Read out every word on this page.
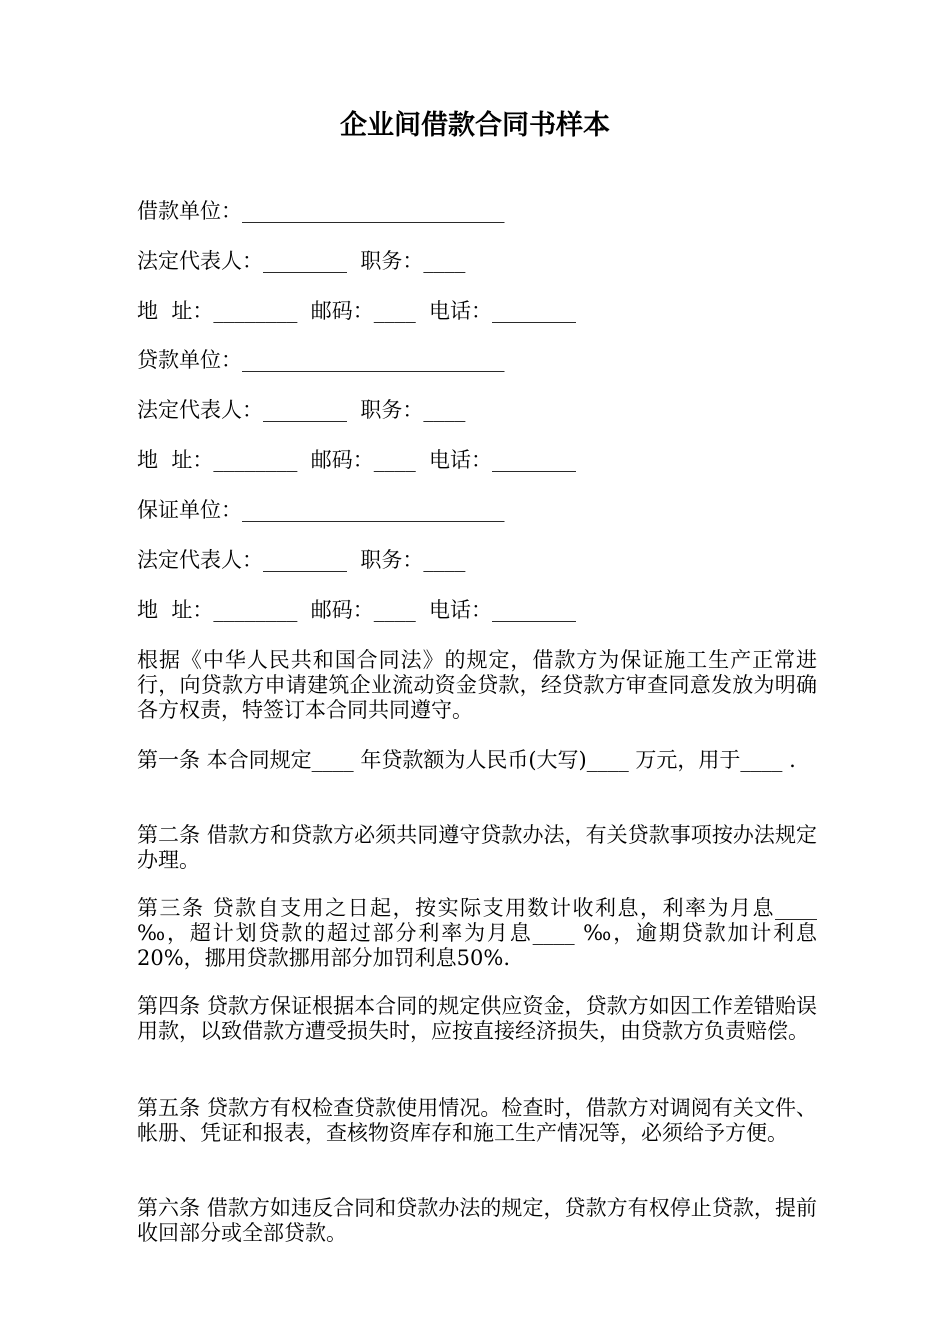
企业间借款合同书样本
借款单位：_________________________
法定代表人：________  职务：____
地  址：________  邮码：____  电话：________
贷款单位：_________________________
法定代表人：________  职务：____
地  址：________  邮码：____  电话：________
保证单位：_________________________
法定代表人：________  职务：____
地  址：________  邮码：____  电话：________

根据《中华人民共和国合同法》的规定，借款方为保证施工生产正常进行，向贷款方申请建筑企业流动资金贷款，经贷款方审查同意发放为明确各方权责，特签订本合同共同遵守。

第一条 本合同规定____ 年贷款额为人民币(大写)____ 万元，用于____ .

第二条 借款方和贷款方必须共同遵守贷款办法，有关贷款事项按办法规定办理。

第三条 贷款自支用之日起，按实际支用数计收利息，利率为月息____ ‰，超计划贷款的超过部分利率为月息____ ‰，逾期贷款加计利息20%，挪用贷款挪用部分加罚利息50%.

第四条 贷款方保证根据本合同的规定供应资金，贷款方如因工作差错贻误用款，以致借款方遭受损失时，应按直接经济损失，由贷款方负责赔偿。

第五条 贷款方有权检查贷款使用情况。检查时，借款方对调阅有关文件、帐册、凭证和报表，查核物资库存和施工生产情况等，必须给予方便。

第六条 借款方如违反合同和贷款办法的规定，贷款方有权停止贷款，提前收回部分或全部贷款。
